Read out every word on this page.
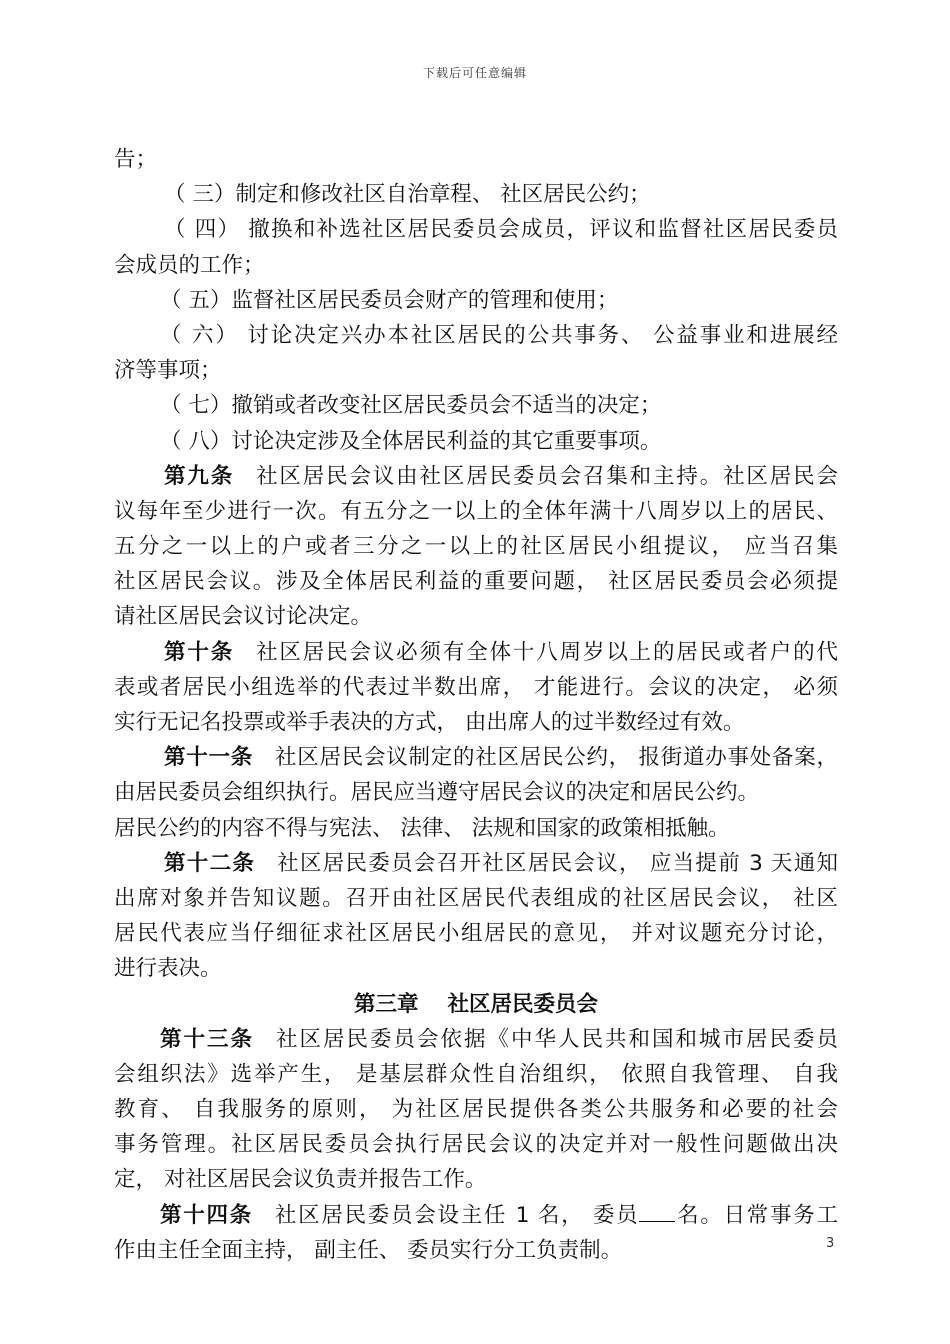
下载后可任意编辑
告；
（ 三）制定和修改社区自治章程、 社区居民公约；
（ 四） 撤换和补选社区居民委员会成员，评议和监督社区居民委员
会成员的工作；
（ 五）监督社区居民委员会财产的管理和使用；
（ 六） 讨论决定兴办本社区居民的公共事务、 公益事业和进展经
济等事项；
（ 七）撤销或者改变社区居民委员会不适当的决定；
（ 八）讨论决定涉及全体居民利益的其它重要事项。
第九条 社区居民会议由社区居民委员会召集和主持。社区居民会
议每年至少进行一次。有五分之一以上的全体年满十八周岁以上的居民、
五分之一以上的户或者三分之一以上的社区居民小组提议， 应当召集
社区居民会议。涉及全体居民利益的重要问题， 社区居民委员会必须提
请社区居民会议讨论决定。
第十条 社区居民会议必须有全体十八周岁以上的居民或者户的代
表或者居民小组选举的代表过半数出席， 才能进行。会议的决定， 必须
实行无记名投票或举手表决的方式， 由出席人的过半数经过有效。
第十一条 社区居民会议制定的社区居民公约， 报街道办事处备案，
由居民委员会组织执行。居民应当遵守居民会议的决定和居民公约。
居民公约的内容不得与宪法、 法律、 法规和国家的政策相抵触。
第十二条 社区居民委员会召开社区居民会议， 应当提前 3 天通知
出席对象并告知议题。召开由社区居民代表组成的社区居民会议， 社区
居民代表应当仔细征求社区居民小组居民的意见， 并对议题充分讨论，
进行表决。
第三章　 社区居民委员会
第十三条 社区居民委员会依据《中华人民共和国和城市居民委员
会组织法》选举产生， 是基层群众性自治组织， 依照自我管理、 自我
教育、 自我服务的原则， 为社区居民提供各类公共服务和必要的社会
事务管理。社区居民委员会执行居民会议的决定并对一般性问题做出决
定， 对社区居民会议负责并报告工作。
第十四条 社区居民委员会设主任 1 名， 委员 名。日常事务工
作由主任全面主持， 副主任、 委员实行分工负责制。	3
